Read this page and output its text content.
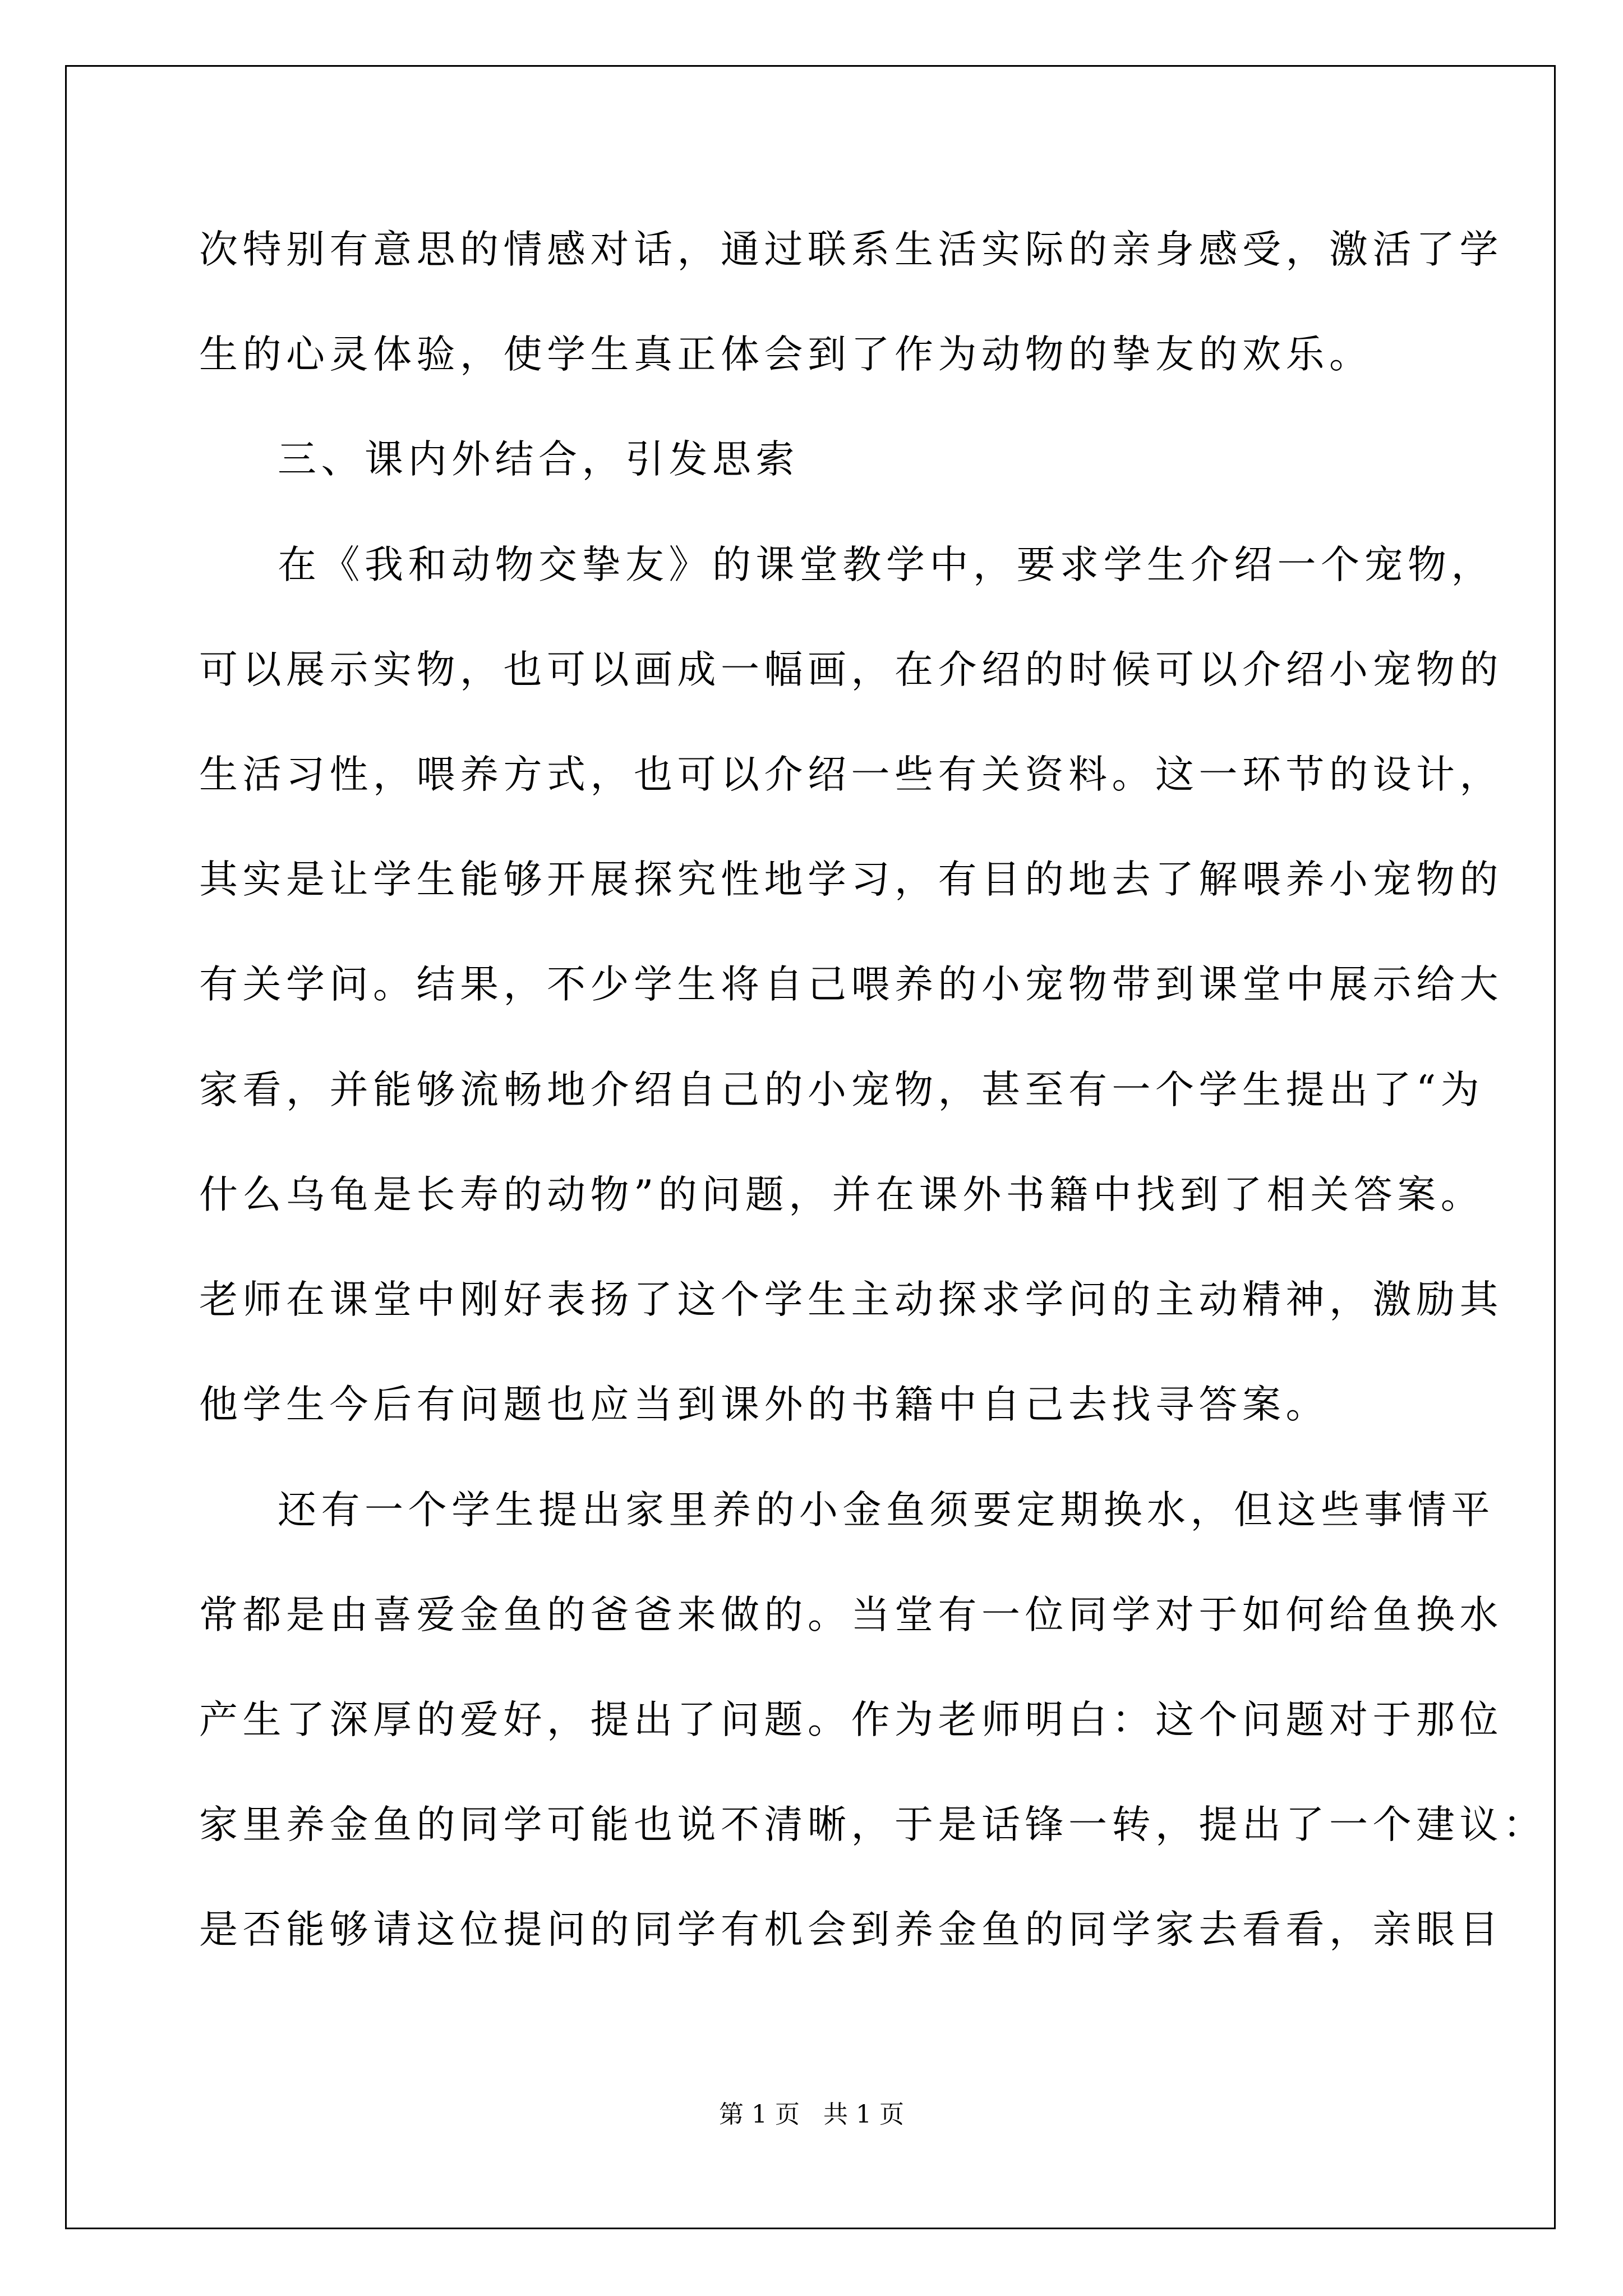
次特别有意思的情感对话，通过联系生活实际的亲身感受，激活了学

生的心灵体验，使学生真正体会到了作为动物的挚友的欢乐。

三、课内外结合，引发思索

在《我和动物交挚友》的课堂教学中，要求学生介绍一个宠物，

可以展示实物，也可以画成一幅画，在介绍的时候可以介绍小宠物的

生活习性，喂养方式，也可以介绍一些有关资料。这一环节的设计，

其实是让学生能够开展探究性地学习，有目的地去了解喂养小宠物的

有关学问。结果，不少学生将自己喂养的小宠物带到课堂中展示给大

家看，并能够流畅地介绍自己的小宠物，甚至有一个学生提出了“为

什么乌龟是长寿的动物”的问题，并在课外书籍中找到了相关答案。

老师在课堂中刚好表扬了这个学生主动探求学问的主动精神，激励其

他学生今后有问题也应当到课外的书籍中自己去找寻答案。

还有一个学生提出家里养的小金鱼须要定期换水，但这些事情平

常都是由喜爱金鱼的爸爸来做的。当堂有一位同学对于如何给鱼换水

产生了深厚的爱好，提出了问题。作为老师明白：这个问题对于那位

家里养金鱼的同学可能也说不清晰，于是话锋一转，提出了一个建议：

是否能够请这位提问的同学有机会到养金鱼的同学家去看看，亲眼目

第 1 页   共 1 页
